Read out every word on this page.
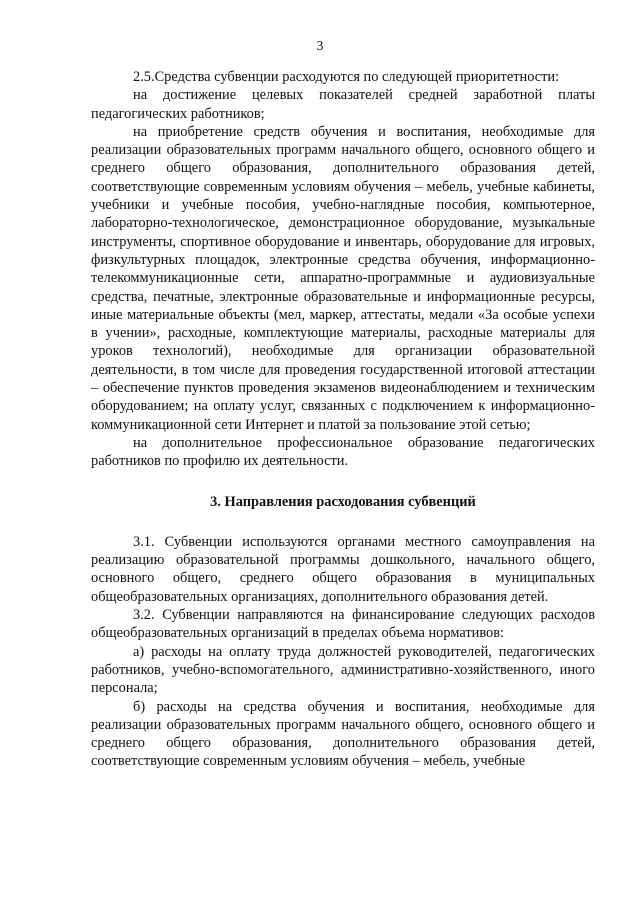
3

2.5.Средства субвенции расходуются по следующей приоритетности:

на достижение целевых показателей средней заработной платы педагогических работников;

на приобретение средств обучения и воспитания, необходимые для реализации образовательных программ начального общего, основного общего и среднего общего образования, дополнительного образования детей, соответствующие современным условиям обучения – мебель, учебные кабинеты, учебники и учебные пособия, учебно-наглядные пособия, компьютерное, лабораторно-технологическое, демонстрационное оборудование, музыкальные инструменты, спортивное оборудование и инвентарь, оборудование для игровых, физкультурных площадок, электронные средства обучения, информационно-телекоммуникационные сети, аппаратно-программные и аудиовизуальные средства, печатные, электронные образовательные и информационные ресурсы, иные материальные объекты (мел, маркер, аттестаты, медали «За особые успехи в учении», расходные, комплектующие материалы, расходные материалы для уроков технологий), необходимые для организации образовательной деятельности, в том числе для проведения государственной итоговой аттестации – обеспечение пунктов проведения экзаменов видеонаблюдением и техническим оборудованием; на оплату услуг, связанных с подключением к информационно-коммуникационной сети Интернет и платой за пользование этой сетью;

на дополнительное профессиональное образование педагогических работников по профилю их деятельности.

3. Направления расходования субвенций

3.1. Субвенции используются органами местного самоуправления на реализацию образовательной программы дошкольного, начального общего, основного общего, среднего общего образования в муниципальных общеобразовательных организациях, дополнительного образования детей.

3.2. Субвенции направляются на финансирование следующих расходов общеобразовательных организаций в пределах объема нормативов:

а) расходы на оплату труда должностей руководителей, педагогических работников, учебно-вспомогательного, административно-хозяйственного, иного персонала;

б) расходы на средства обучения и воспитания, необходимые для реализации образовательных программ начального общего, основного общего и среднего общего образования, дополнительного образования детей, соответствующие современным условиям обучения – мебель, учебные
